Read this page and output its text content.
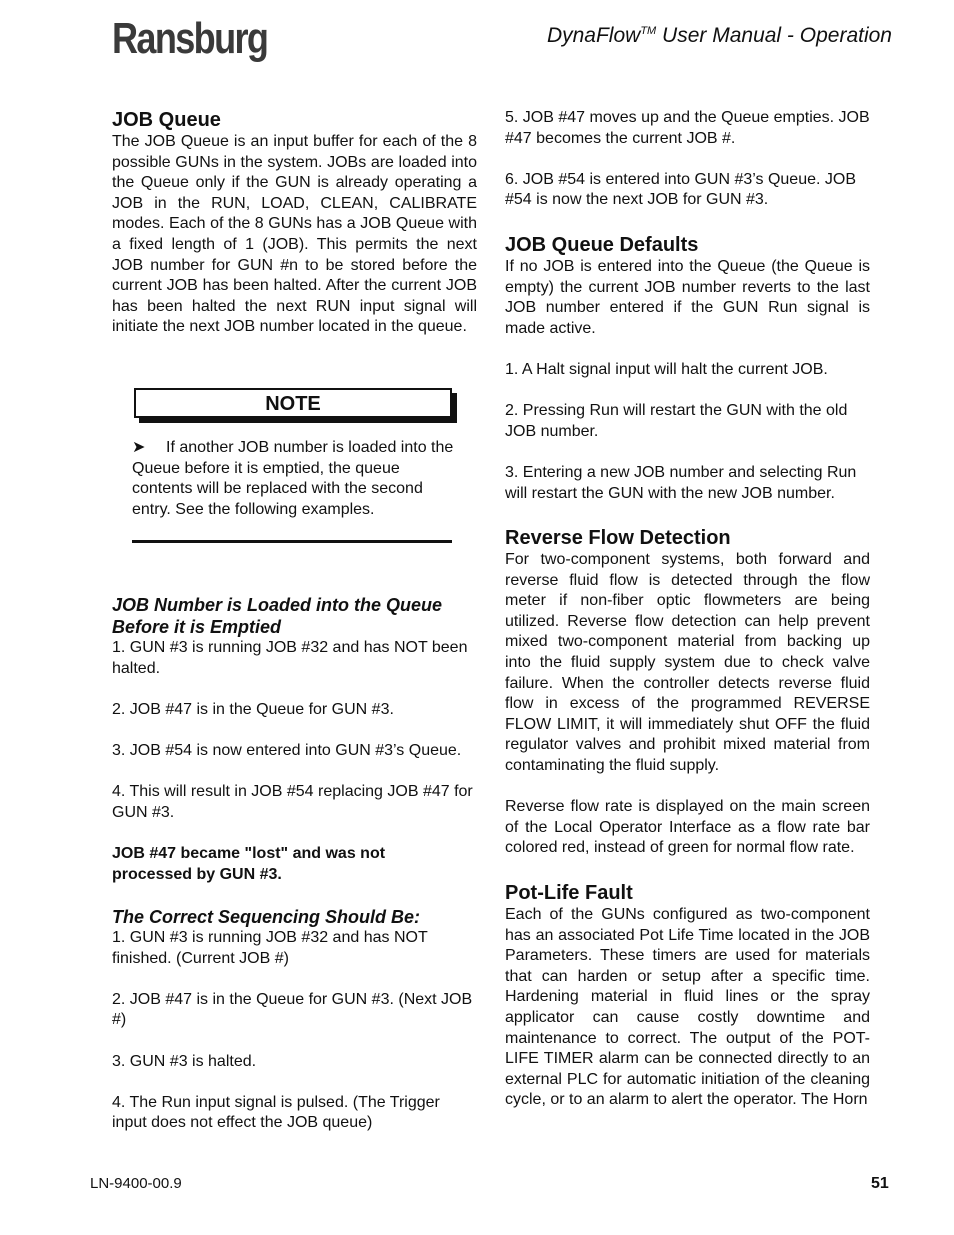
Ransburg	DynaFlow™ User Manual - Operation
JOB Queue

The JOB Queue is an input buffer for each of the 8 possible GUNs in the system. JOBs are loaded into the Queue only if the GUN is already operating a JOB in the RUN, LOAD, CLEAN, CALIBRATE modes. Each of the 8 GUNs has a JOB Queue with a fixed length of 1 (JOB). This permits the next JOB number for GUN #n to be stored before the current JOB has been halted. After the current JOB has been halted the next RUN input signal will initiate the next JOB number located in the queue.

NOTE

➤ If another JOB number is loaded into the Queue before it is emptied, the queue contents will be replaced with the second entry. See the following examples.

JOB Number is Loaded into the Queue Before it is Emptied

1. GUN #3 is running JOB #32 and has NOT been halted.

2. JOB #47 is in the Queue for GUN #3.

3. JOB #54 is now entered into GUN #3’s Queue.

4. This will result in JOB #54 replacing JOB #47 for GUN #3.

JOB #47 became "lost" and was not processed by GUN #3.

The Correct Sequencing Should Be:

1. GUN #3 is running JOB #32 and has NOT finished. (Current JOB #)

2. JOB #47 is in the Queue for GUN #3. (Next JOB #)

3. GUN #3 is halted.

4. The Run input signal is pulsed. (The Trigger input does not effect the JOB queue)

5. JOB #47 moves up and the Queue empties. JOB #47 becomes the current JOB #.

6. JOB #54 is entered into GUN #3’s Queue. JOB #54 is now the next JOB for GUN #3.

JOB Queue Defaults

If no JOB is entered into the Queue (the Queue is empty) the current JOB number reverts to the last JOB number entered if the GUN Run signal is made active.

1. A Halt signal input will halt the current JOB.

2. Pressing Run will restart the GUN with the old JOB number.

3. Entering a new JOB number and selecting Run will restart the GUN with the new JOB number.

Reverse Flow Detection

For two-component systems, both forward and reverse fluid flow is detected through the flow meter if non-fiber optic flowmeters are being utilized. Reverse flow detection can help prevent mixed two-component material from backing up into the fluid supply system due to check valve failure. When the controller detects reverse fluid flow in excess of the programmed REVERSE FLOW LIMIT, it will immediately shut OFF the fluid regulator valves and prohibit mixed material from contaminating the fluid supply.

Reverse flow rate is displayed on the main screen of the Local Operator Interface as a flow rate bar colored red, instead of green for normal flow rate.

Pot-Life Fault

Each of the GUNs configured as two-component has an associated Pot Life Time located in the JOB Parameters. These timers are used for materials that can harden or setup after a specific time. Hardening material in fluid lines or the spray applicator can cause costly downtime and maintenance to correct. The output of the POT-LIFE TIMER alarm can be connected directly to an external PLC for automatic initiation of the cleaning cycle, or to an alarm to alert the operator. The Horn

LN-9400-00.9	51
